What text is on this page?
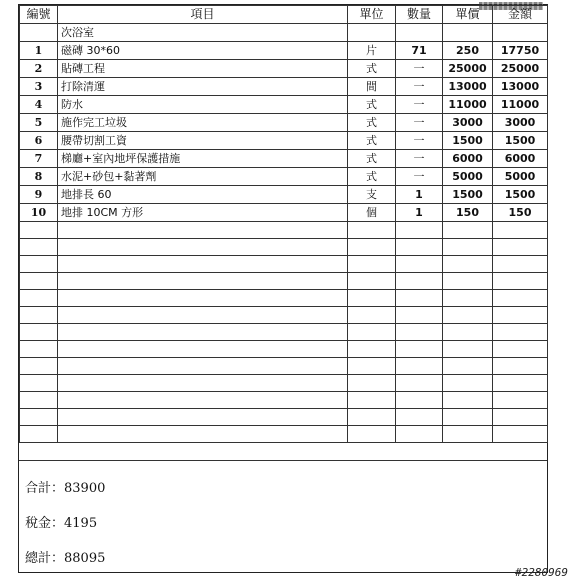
編號	項目	單位	數量	單價	金額
	次浴室				
1	磁磚 30*60	片	71	250	17750
2	貼磚工程	式	一	25000	25000
3	打除清運	間	一	13000	13000
4	防水	式	一	11000	11000
5	施作完工垃圾	式	一	3000	3000
6	腰帶切割工資	式	一	1500	1500
7	梯廳+室內地坪保護措施	式	一	6000	6000
8	水泥+砂包+黏著劑	式	一	5000	5000
9	地排長 60	支	1	1500	1500
10	地排 10CM 方形	個	1	150	150

合計：83900
稅金：4195
總計：88095
#2280969
